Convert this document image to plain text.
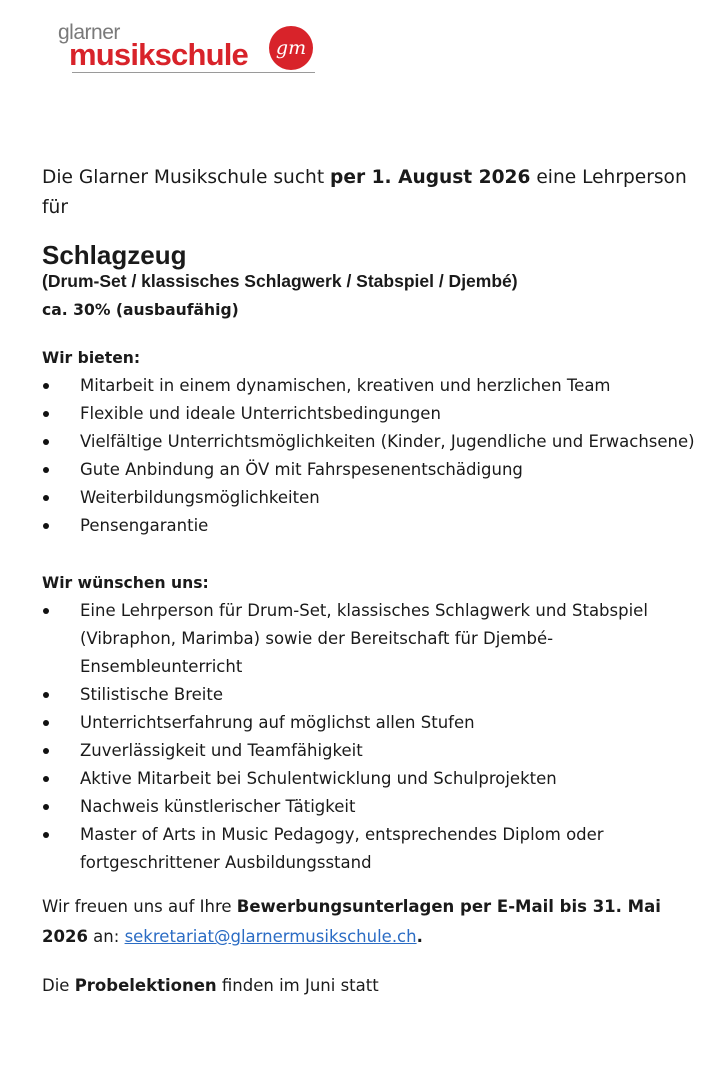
glarner
musikschule gm

Die Glarner Musikschule sucht per 1. August 2026 eine Lehrperson für

Schlagzeug

(Drum-Set / klassisches Schlagwerk / Stabspiel / Djembé)

ca. 30% (ausbaufähig)

Wir bieten:

Mitarbeit in einem dynamischen, kreativen und herzlichen Team
Flexible und ideale Unterrichtsbedingungen
Vielfältige Unterrichtsmöglichkeiten (Kinder, Jugendliche und Erwachsene)
Gute Anbindung an ÖV mit Fahrspesenentschädigung
Weiterbildungsmöglichkeiten
Pensengarantie

Wir wünschen uns:

Eine Lehrperson für Drum-Set, klassisches Schlagwerk und Stabspiel (Vibraphon, Marimba) sowie der Bereitschaft für Djembé-Ensembleunterricht
Stilistische Breite
Unterrichtserfahrung auf möglichst allen Stufen
Zuverlässigkeit und Teamfähigkeit
Aktive Mitarbeit bei Schulentwicklung und Schulprojekten
Nachweis künstlerischer Tätigkeit
Master of Arts in Music Pedagogy, entsprechendes Diplom oder fortgeschrittener Ausbildungsstand

Wir freuen uns auf Ihre Bewerbungsunterlagen per E-Mail bis 31. Mai 2026 an: sekretariat@glarnermusikschule.ch.

Die Probelektionen finden im Juni statt
